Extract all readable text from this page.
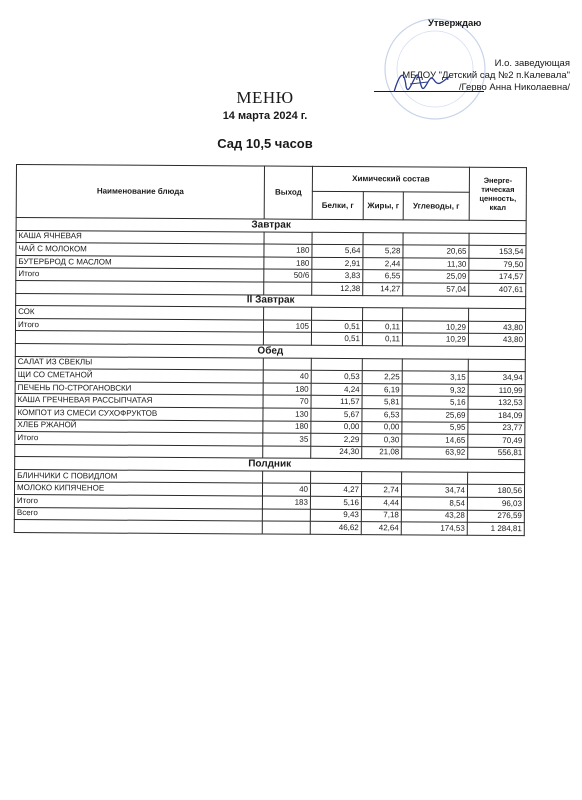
Утверждаю
И.о. заведующая
МБДОУ "Детский сад №2 п.Калевала"
/Герво Анна Николаевна/
МЕНЮ
14 марта 2024 г.
Сад 10,5 часов
Наименование блюда	Выход	Химический состав			Энерге-тическая ценность, ккал
		Белки, г	Жиры, г	Углеводы, г	
Завтрак					
КАША ЯЧНЕВАЯ					
ЧАЙ С МОЛОКОМ	180	5,64	5,28	20,65	153,54
БУТЕРБРОД С МАСЛОМ	180	2,91	2,44	11,30	79,50
Итого	50/6	3,83	6,55	25,09	174,57
		12,38	14,27	57,04	407,61
II Завтрак					
СОК					
Итого	105	0,51	0,11	10,29	43,80
		0,51	0,11	10,29	43,80
Обед					
САЛАТ ИЗ СВЕКЛЫ					
ЩИ СО СМЕТАНОЙ	40	0,53	2,25	3,15	34,94
ПЕЧЕНЬ ПО-СТРОГАНОВСКИ	180	4,24	6,19	9,32	110,99
КАША ГРЕЧНЕВАЯ РАССЫПЧАТАЯ	70	11,57	5,81	5,16	132,53
КОМПОТ ИЗ СМЕСИ СУХОФРУКТОВ	130	5,67	6,53	25,69	184,09
ХЛЕБ РЖАНОЙ	180	0,00	0,00	5,95	23,77
Итого	35	2,29	0,30	14,65	70,49
		24,30	21,08	63,92	556,81
Полдник					
БЛИНЧИКИ С ПОВИДЛОМ					
МОЛОКО КИПЯЧЕНОЕ	40	4,27	2,74	34,74	180,56
Итого	183	5,16	4,44	8,54	96,03
Всего		9,43	7,18	43,28	276,59
		46,62	42,64	174,53	1 284,81
